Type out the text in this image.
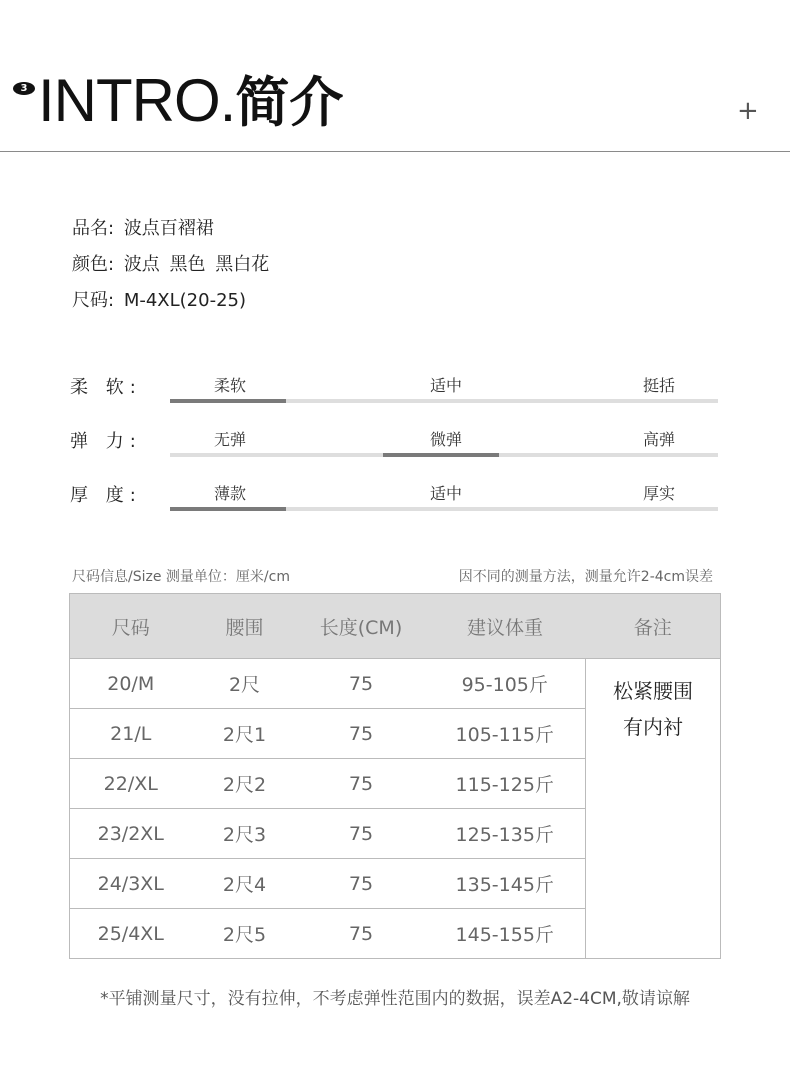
3 INTRO.简介	+
品名: 波点百褶裙
颜色: 波点 黑色 黑白花
尺码: M-4XL(20-25)
柔 软:	柔软	适中	挺括
弹 力:	无弹	微弹	高弹
厚 度:	薄款	适中	厚实
尺码信息/Size 测量单位：厘米/cm	因不同的测量方法，测量允许2-4cm误差
尺码	腰围	长度(CM)	建议体重	备注
20/M	2尺	75	95-105斤	松紧腰围
有内衬

21/L	2尺1	75	105-115斤	
22/XL	2尺2	75	115-125斤	
23/2XL	2尺3	75	125-135斤	
24/3XL	2尺4	75	135-145斤	
25/4XL	2尺5	75	145-155斤	
*平铺测量尺寸，没有拉伸，不考虑弹性范围内的数据，误差A2-4CM,敬请谅解
